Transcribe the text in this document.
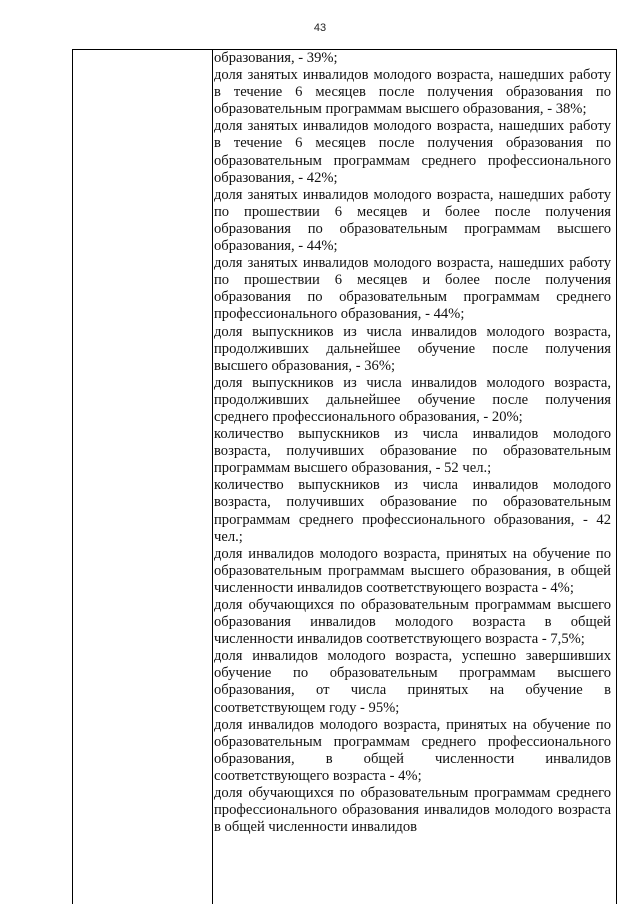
43

образования, - 39%;

доля занятых инвалидов молодого возраста, нашедших работу в течение 6 месяцев после получения образования по образовательным программам высшего образования, - 38%;

доля занятых инвалидов молодого возраста, нашедших работу в течение 6 месяцев после получения образования по образовательным программам среднего профессионального образования, - 42%;

доля занятых инвалидов молодого возраста, нашедших работу по прошествии 6 месяцев и более после получения образования по образовательным программам высшего образования, - 44%;

доля занятых инвалидов молодого возраста, нашедших работу по прошествии 6 месяцев и более после получения образования по образовательным программам среднего профессионального образования, - 44%;

доля выпускников из числа инвалидов молодого возраста, продолживших дальнейшее обучение после получения высшего образования, - 36%;

доля выпускников из числа инвалидов молодого возраста, продолживших дальнейшее обучение после получения среднего профессионального образования, - 20%;

количество выпускников из числа инвалидов молодого возраста, получивших образование по образовательным программам высшего образования, - 52 чел.;

количество выпускников из числа инвалидов молодого возраста, получивших образование по образовательным программам среднего профессионального образования, - 42 чел.;

доля инвалидов молодого возраста, принятых на обучение по образовательным программам высшего образования, в общей численности инвалидов соответствующего возраста - 4%;

доля обучающихся по образовательным программам высшего образования инвалидов молодого возраста в общей численности инвалидов соответствующего возраста - 7,5%;

доля инвалидов молодого возраста, успешно завершивших обучение по образовательным программам высшего образования, от числа принятых на обучение в соответствующем году - 95%;

доля инвалидов молодого возраста, принятых на обучение по образовательным программам среднего профессионального образования, в общей численности инвалидов соответствующего возраста - 4%;

доля обучающихся по образовательным программам среднего профессионального образования инвалидов молодого возраста в общей численности инвалидов
